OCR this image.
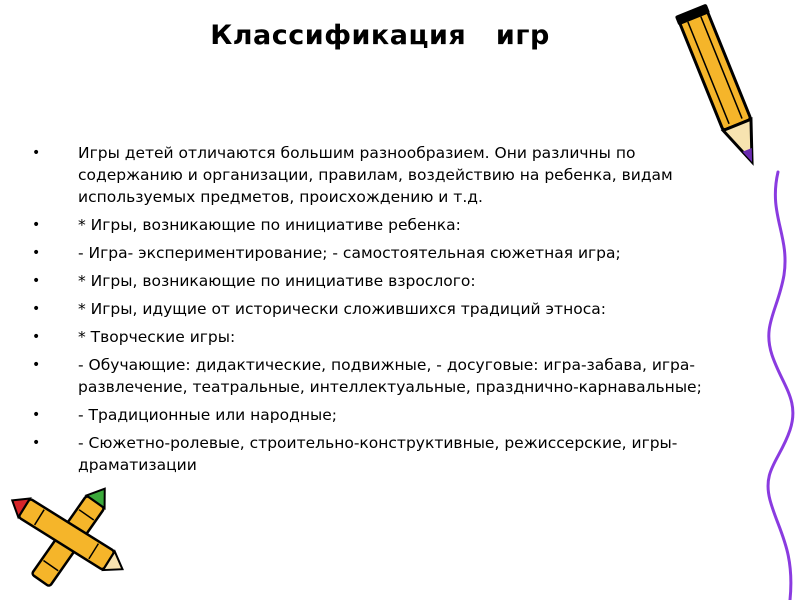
Классификация   игр
• Игры детей отличаются большим разнообразием. Они различны по содержанию и организации, правилам, воздействию на ребенка, видам используемых предметов, происхождению и т.д.
• * Игры, возникающие по инициативе ребенка:
• - Игра- экспериментирование; - самостоятельная сюжетная игра;
• * Игры, возникающие по инициативе взрослого:
• * Игры, идущие от исторически сложившихся традиций этноса:
• * Творческие игры:
• - Обучающие: дидактические, подвижные, - досуговые: игра-забава, игра-развлечение, театральные, интеллектуальные, празднично-карнавальные;
• - Традиционные или народные;
• - Сюжетно-ролевые, строительно-конструктивные, режиссерские, игры-драматизации
